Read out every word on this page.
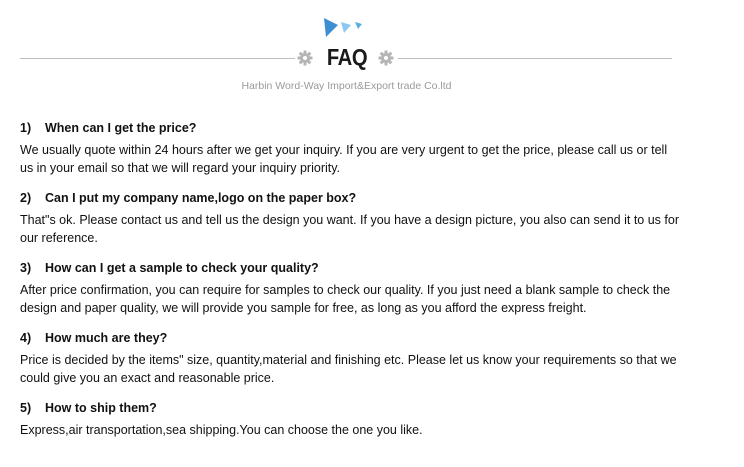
FAQ
Harbin Word-Way Import&Export trade Co.ltd
1) When can I get the price?
We usually quote within 24 hours after we get your inquiry. If you are very urgent to get the price, please call us or tell us in your email so that we will regard your inquiry priority.
2) Can I put my company name,logo on the paper box?
That"s ok. Please contact us and tell us the design you want. If you have a design picture, you also can send it to us for our reference.
3) How can I get a sample to check your quality?
After price confirmation, you can require for samples to check our quality. If you just need a blank sample to check the design and paper quality, we will provide you sample for free, as long as you afford the express freight.
4) How much are they?
Price is decided by the items" size, quantity,material and finishing etc. Please let us know your requirements so that we could give you an exact and reasonable price.
5) How to ship them?
Express,air transportation,sea shipping.You can choose the one you like.
